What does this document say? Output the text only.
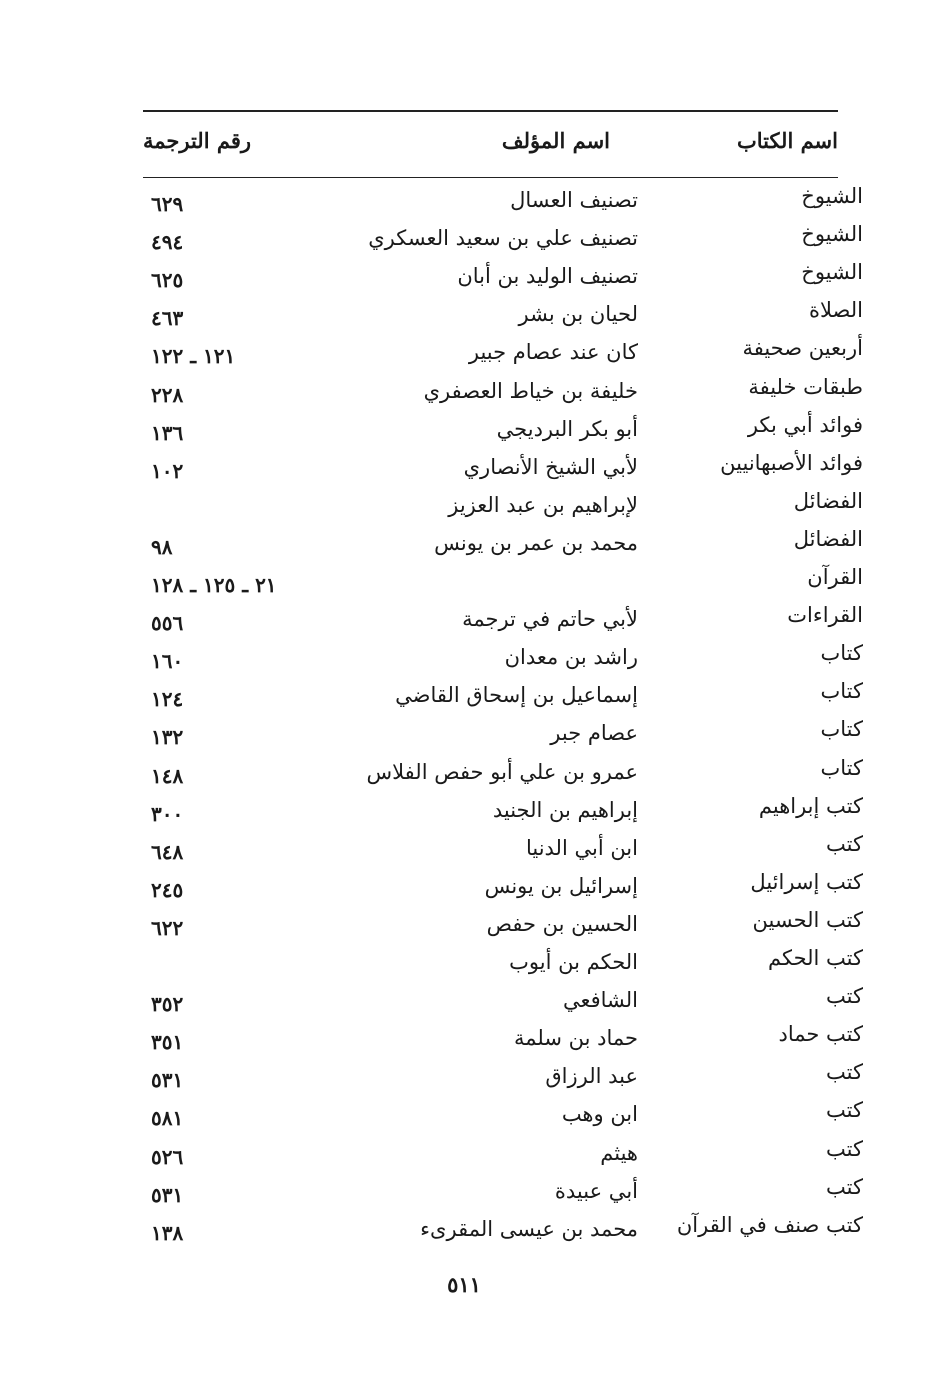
اسم الكتاب
اسم المؤلف
رقم الترجمة
الشيوخ
تصنيف العسال
٦٢٩
الشيوخ
تصنيف علي بن سعيد العسكري
٤٩٤
الشيوخ
تصنيف الوليد بن أبان
٦٢٥
الصلاة
لحيان بن بشر
٤٦٣
أربعين صحيفة
كان عند عصام جبير
١٢١ ـ ١٢٢
طبقات خليفة
خليفة بن خياط العصفري
٢٢٨
فوائد أبي بكر
أبو بكر البرديجي
١٣٦
فوائد الأصبهانيين
لأبي الشيخ الأنصاري
١٠٢
الفضائل
لإبراهيم بن عبد العزيز
الفضائل
محمد بن عمر بن يونس
٩٨
القرآن
٢١ ـ ١٢٥ ـ ١٢٨
القراءات
لأبي حاتم في ترجمة
٥٥٦
كتاب
راشد بن معدان
١٦٠
كتاب
إسماعيل بن إسحاق القاضي
١٢٤
كتاب
عصام جبر
١٣٢
كتاب
عمرو بن علي أبو حفص الفلاس
١٤٨
كتب إبراهيم
إبراهيم بن الجنيد
٣٠٠
كتب
ابن أبي الدنيا
٦٤٨
كتب إسرائيل
إسرائيل بن يونس
٢٤٥
كتب الحسين
الحسين بن حفص
٦٢٢
كتب الحكم
الحكم بن أيوب
كتب
الشافعي
٣٥٢
كتب حماد
حماد بن سلمة
٣٥١
كتب
عبد الرزاق
٥٣١
كتب
ابن وهب
٥٨١
كتب
هيثم
٥٢٦
كتب
أبي عبيدة
٥٣١
كتب صنف في القرآن
محمد بن عيسى المقرىء
١٣٨
٥١١
